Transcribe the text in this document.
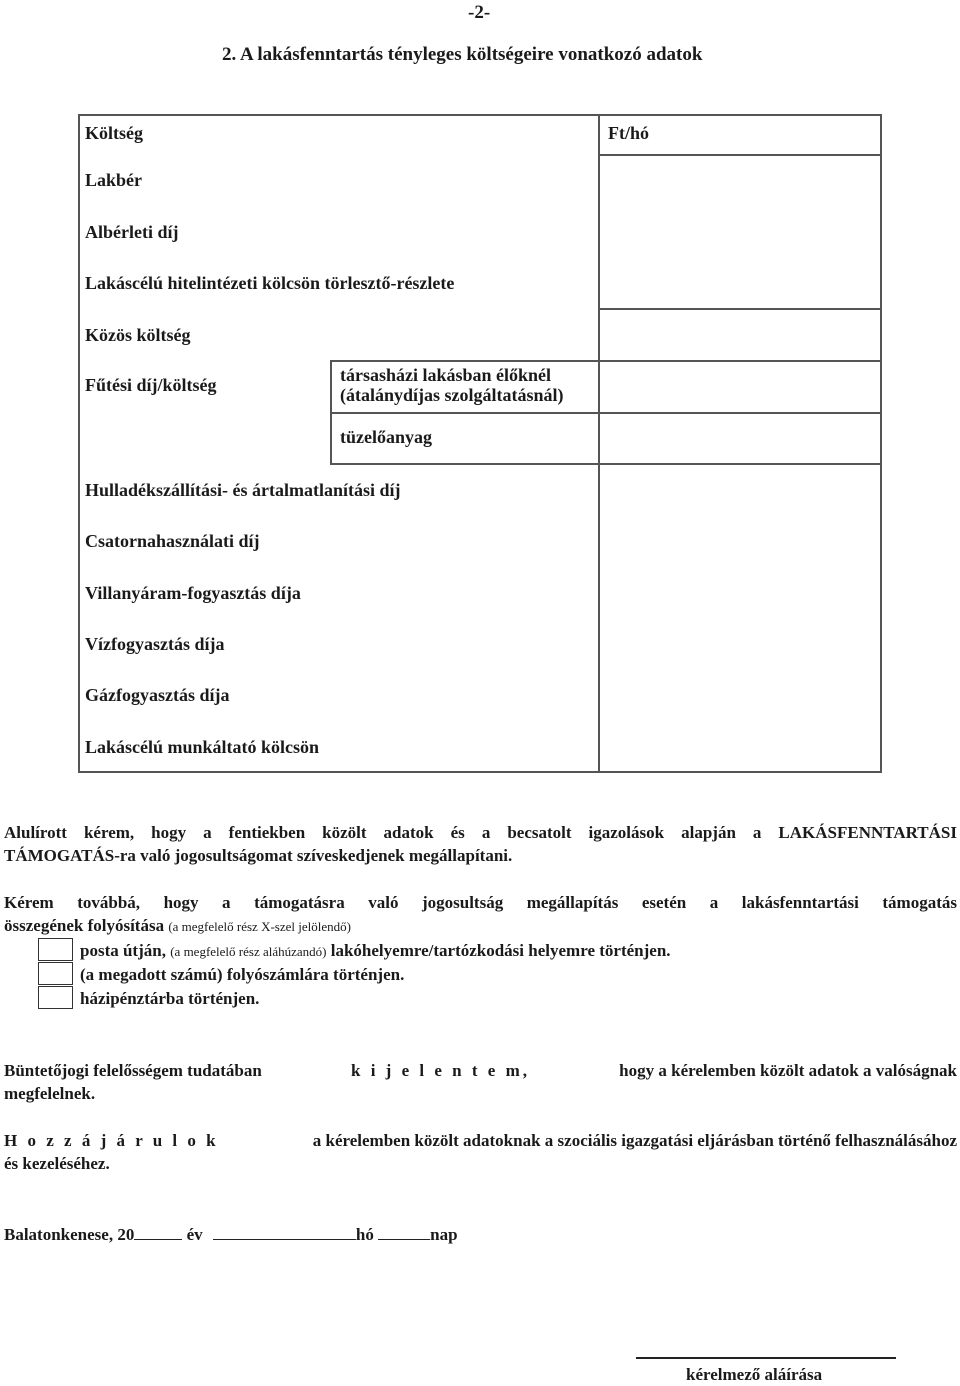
-2-
2. A lakásfenntartás tényleges költségeire vonatkozó adatok
Költség	Ft/hó
Lakbér
Albérleti díj
Lakáscélú hitelintézeti kölcsön törlesztő-részlete
Közös költség
Fűtési díj/költség	társasházi lakásban élőknél
(átalánydíjas szolgáltatásnál)
tüzelőanyag
Hulladékszállítási- és ártalmatlanítási díj
Csatornahasználati díj
Villanyáram-fogyasztás díja
Vízfogyasztás díja
Gázfogyasztás díja
Lakáscélú munkáltató kölcsön
Alulírott kérem, hogy a fentiekben közölt adatok és a becsatolt igazolások alapján a LAKÁSFENNTARTÁSI
TÁMOGATÁS-ra való jogosultságomat szíveskedjenek megállapítani.
Kérem továbbá, hogy a támogatásra való jogosultság megállapítás esetén a lakásfenntartási támogatás
összegének folyósítása (a megfelelő rész X-szel jelölendő)
posta útján, (a megfelelő rész aláhúzandó) lakóhelyemre/tartózkodási helyemre történjen.
(a megadott számú) folyószámlára történjen.
házipénztárba történjen.
Büntetőjogi felelősségem tudatában	k i j e l e n t e m,	hogy a kérelemben közölt adatok a valóságnak
megfelelnek.
H o z z á j á r u l o k	a kérelemben közölt adatoknak a szociális igazgatási eljárásban történő felhasználásához
és kezeléséhez.
Balatonkenese, 20	év	hó	nap
kérelmező aláírása
